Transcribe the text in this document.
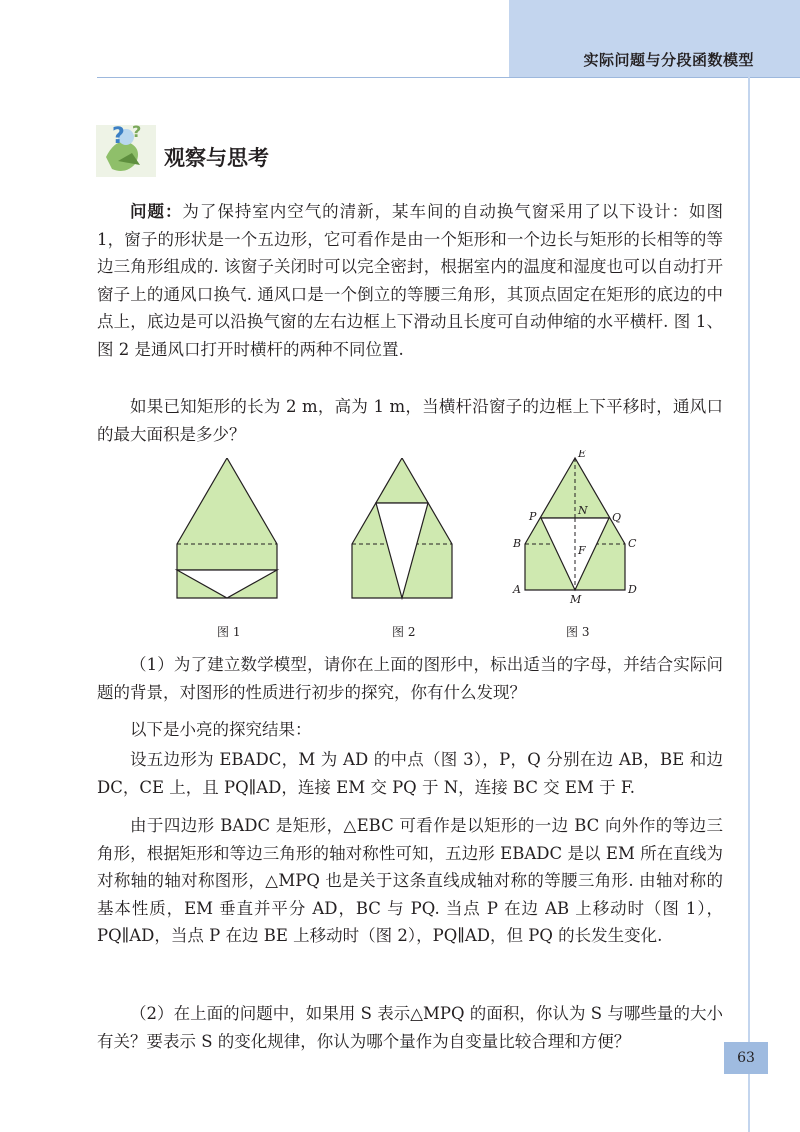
实际问题与分段函数模型
? ?
观察与思考
问题：为了保持室内空气的清新，某车间的自动换气窗采用了以下设计：如图 1，窗子的形状是一个五边形，它可看作是由一个矩形和一个边长与矩形的长相等的等边三角形组成的. 该窗子关闭时可以完全密封，根据室内的温度和湿度也可以自动打开窗子上的通风口换气. 通风口是一个倒立的等腰三角形，其顶点固定在矩形的底边的中点上，底边是可以沿换气窗的左右边框上下滑动且长度可自动伸缩的水平横杆. 图 1、图 2 是通风口打开时横杆的两种不同位置.
如果已知矩形的长为 2 m，高为 1 m，当横杆沿窗子的边框上下平移时，通风口的最大面积是多少？
E
P	N
Q
B
F
C
A
M
D
图 1	图 2	图 3
（1）为了建立数学模型，请你在上面的图形中，标出适当的字母，并结合实际问题的背景，对图形的性质进行初步的探究，你有什么发现？
以下是小亮的探究结果：
设五边形为 EBADC，M 为 AD 的中点（图 3），P，Q 分别在边 AB，BE 和边 DC，CE 上，且 PQ∥AD，连接 EM 交 PQ 于 N，连接 BC 交 EM 于 F.
由于四边形 BADC 是矩形，△EBC 可看作是以矩形的一边 BC 向外作的等边三角形，根据矩形和等边三角形的轴对称性可知，五边形 EBADC 是以 EM 所在直线为对称轴的轴对称图形，△MPQ 也是关于这条直线成轴对称的等腰三角形. 由轴对称的基本性质，EM 垂直并平分 AD，BC 与 PQ. 当点 P 在边 AB 上移动时（图 1），PQ∥AD，当点 P 在边 BE 上移动时（图 2），PQ∥AD，但 PQ 的长发生变化.
（2）在上面的问题中，如果用 S 表示△MPQ 的面积，你认为 S 与哪些量的大小有关？要表示 S 的变化规律，你认为哪个量作为自变量比较合理和方便？
63
